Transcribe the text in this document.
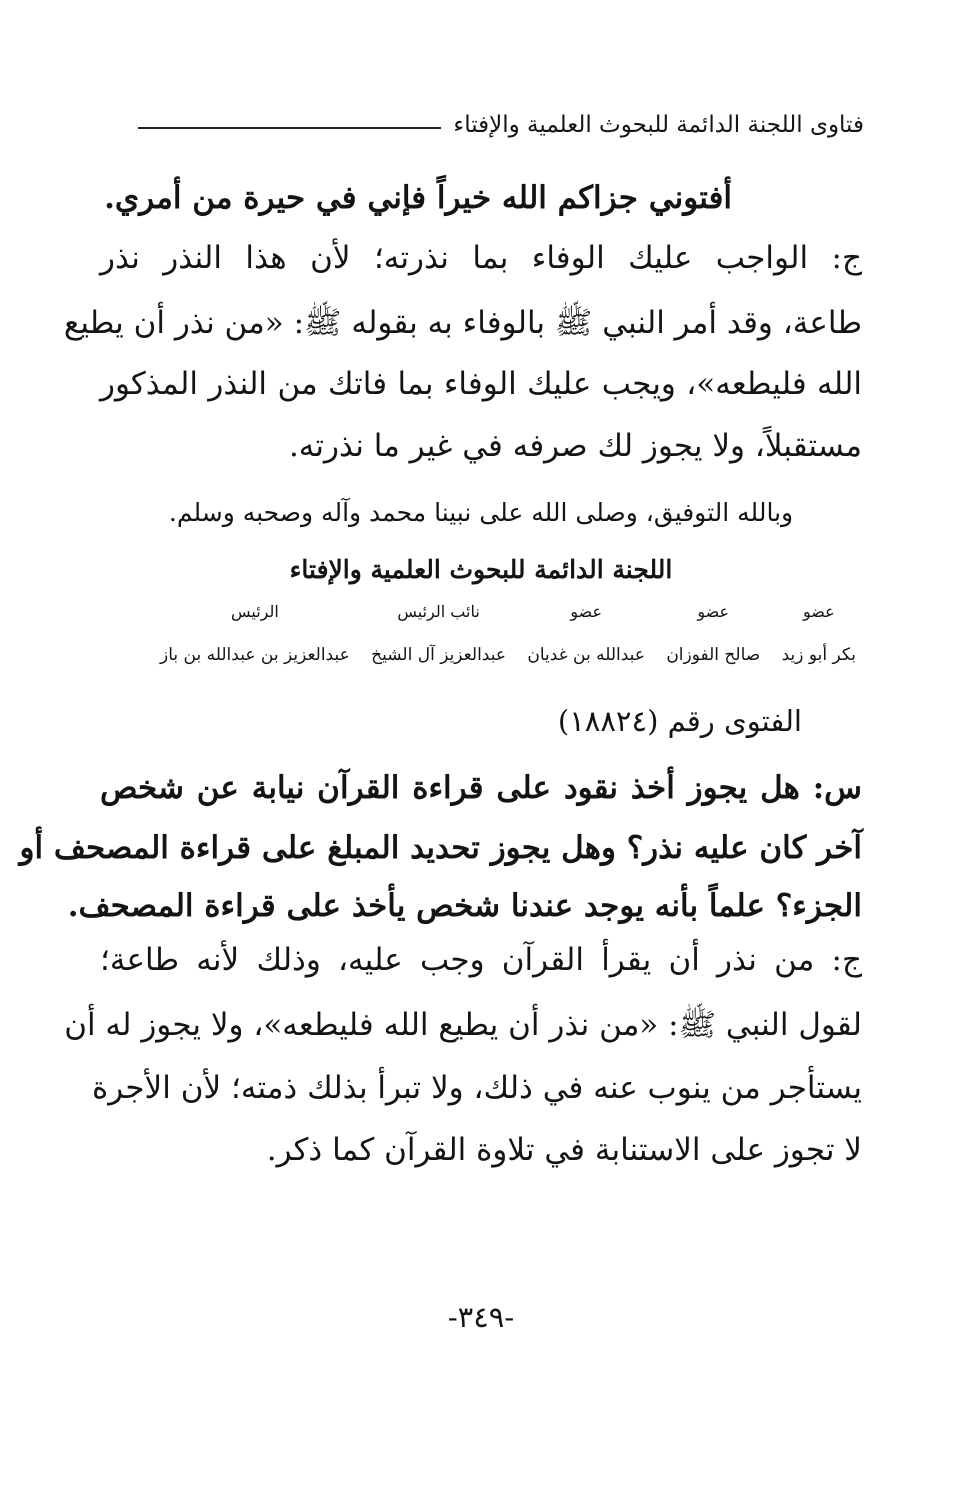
فتاوى اللجنة الدائمة للبحوث العلمية والإفتاء
أفتوني جزاكم الله خيراً فإني في حيرة من أمري.
ج: الواجب عليك الوفاء بما نذرته؛ لأن هذا النذر نذر
طاعة، وقد أمر النبي ﷺ بالوفاء به بقوله ﷺ: «من نذر أن يطيع
الله فليطعه»، ويجب عليك الوفاء بما فاتك من النذر المذكور
مستقبلاً، ولا يجوز لك صرفه في غير ما نذرته.
وبالله التوفيق، وصلى الله على نبينا محمد وآله وصحبه وسلم.
اللجنة الدائمة للبحوث العلمية والإفتاء
عضو
بكر أبو زيد
عضو
صالح الفوزان
عضو
عبدالله بن غديان
نائب الرئيس
عبدالعزيز آل الشيخ
الرئيس
عبدالعزيز بن عبدالله بن باز
الفتوى رقم (١٨٨٢٤)
س: هل يجوز أخذ نقود على قراءة القرآن نيابة عن شخص
آخر كان عليه نذر؟ وهل يجوز تحديد المبلغ على قراءة المصحف أو
الجزء؟ علماً بأنه يوجد عندنا شخص يأخذ على قراءة المصحف.
ج: من نذر أن يقرأ القرآن وجب عليه، وذلك لأنه طاعة؛
لقول النبي ﷺ: «من نذر أن يطيع الله فليطعه»، ولا يجوز له أن
يستأجر من ينوب عنه في ذلك، ولا تبرأ بذلك ذمته؛ لأن الأجرة
لا تجوز على الاستنابة في تلاوة القرآن كما ذكر.
-٣٤٩-
